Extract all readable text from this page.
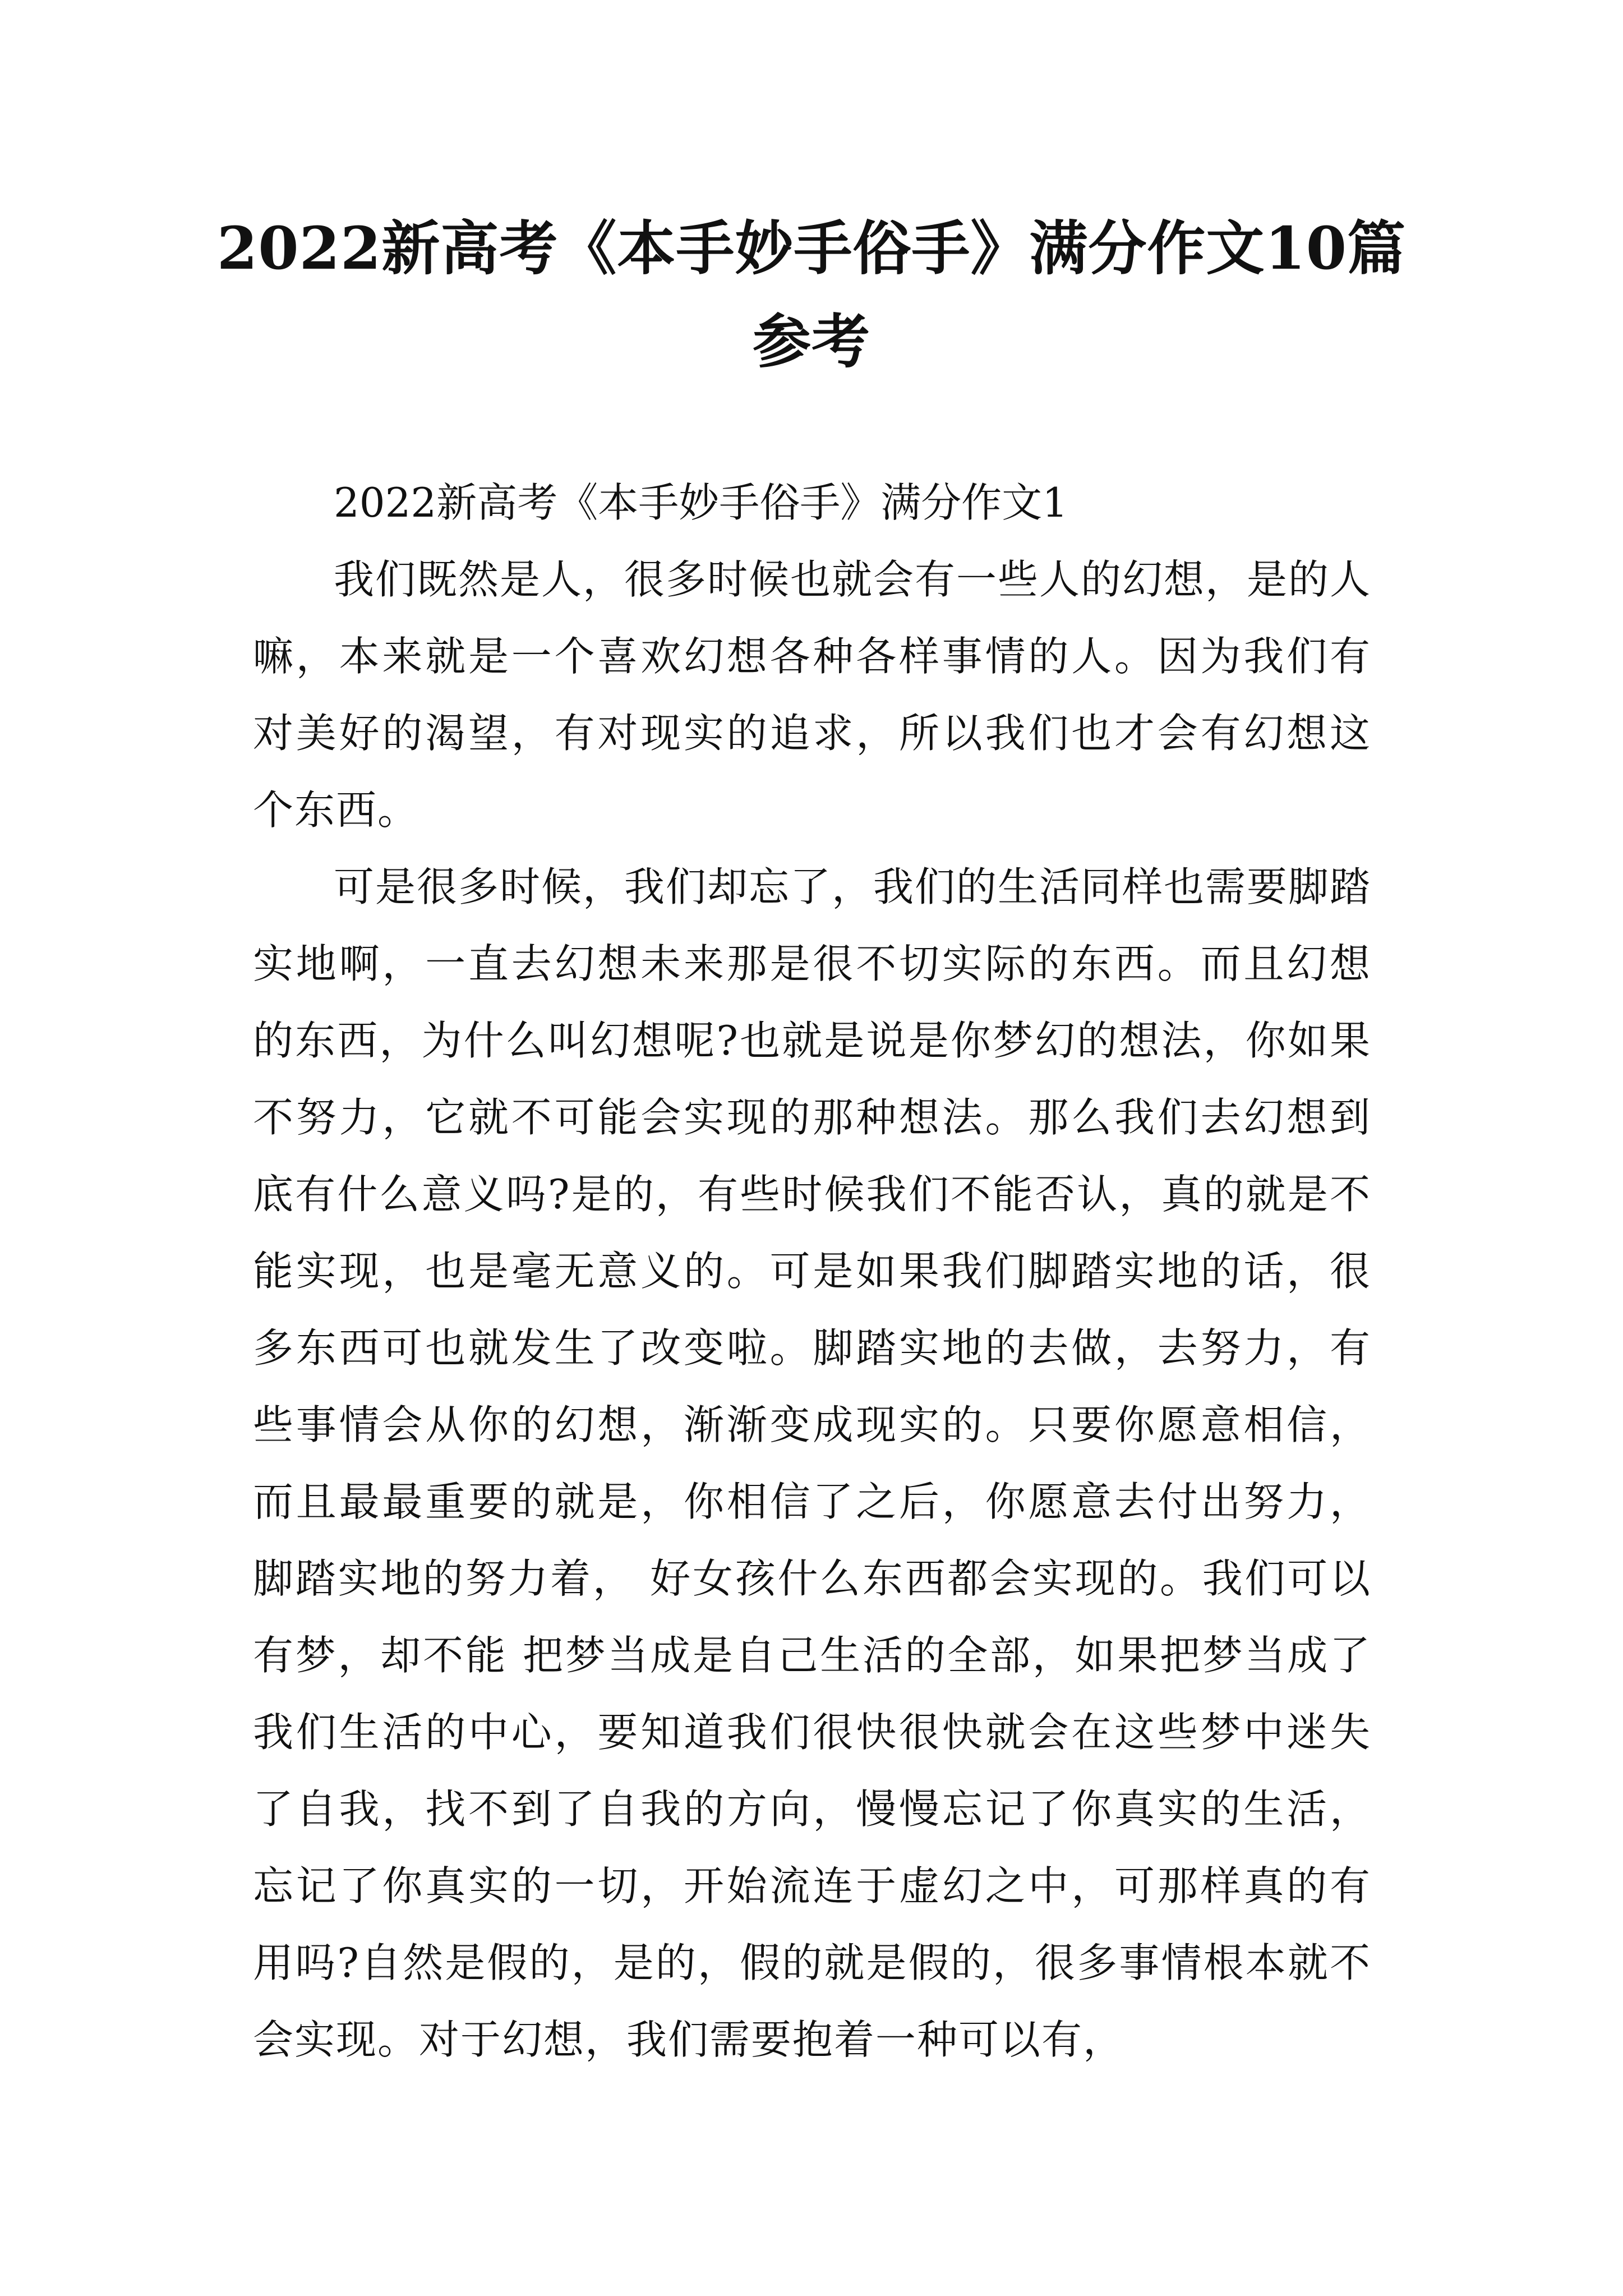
2022新高考《本手妙手俗手》满分作文10篇参考

2022新高考《本手妙手俗手》满分作文1

我们既然是人，很多时候也就会有一些人的幻想，是的人嘛，本来就是一个喜欢幻想各种各样事情的人。因为我们有对美好的渴望，有对现实的追求，所以我们也才会有幻想这个东西。

可是很多时候，我们却忘了，我们的生活同样也需要脚踏实地啊，一直去幻想未来那是很不切实际的东西。而且幻想的东西，为什么叫幻想呢?也就是说是你梦幻的想法，你如果不努力，它就不可能会实现的那种想法。那么我们去幻想到底有什么意义吗?是的，有些时候我们不能否认，真的就是不能实现，也是毫无意义的。可是如果我们脚踏实地的话，很多东西可也就发生了改变啦。脚踏实地的去做，去努力，有些事情会从你的幻想，渐渐变成现实的。只要你愿意相信，而且最最重要的就是，你相信了之后，你愿意去付出努力，脚踏实地的努力着， 好女孩什么东西都会实现的。我们可以有梦，却不能 把梦当成是自己生活的全部，如果把梦当成了我们生活的中心，要知道我们很快很快就会在这些梦中迷失了自我，找不到了自我的方向，慢慢忘记了你真实的生活，忘记了你真实的一切，开始流连于虚幻之中，可那样真的有用吗?自然是假的，是的，假的就是假的，很多事情根本就不会实现。对于幻想，我们需要抱着一种可以有，
